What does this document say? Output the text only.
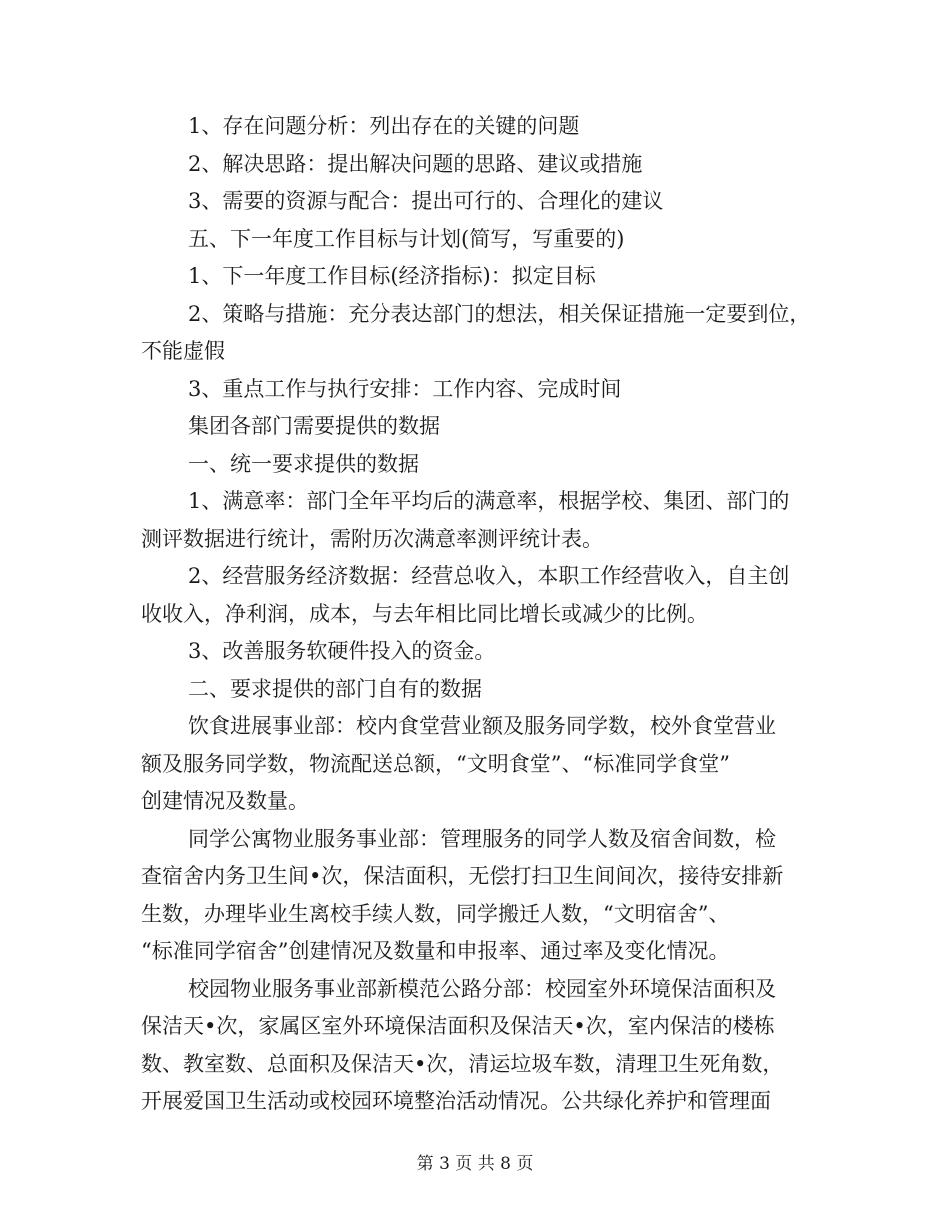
1、存在问题分析：列出存在的关键的问题

2、解决思路：提出解决问题的思路、建议或措施

3、需要的资源与配合：提出可行的、合理化的建议

五、下一年度工作目标与计划(简写，写重要的)

1、下一年度工作目标(经济指标)：拟定目标

2、策略与措施：充分表达部门的想法，相关保证措施一定要到位，

不能虚假

3、重点工作与执行安排：工作内容、完成时间

集团各部门需要提供的数据

一、统一要求提供的数据

1、满意率：部门全年平均后的满意率，根据学校、集团、部门的

测评数据进行统计，需附历次满意率测评统计表。

2、经营服务经济数据：经营总收入，本职工作经营收入，自主创

收收入，净利润，成本，与去年相比同比增长或减少的比例。

3、改善服务软硬件投入的资金。

二、要求提供的部门自有的数据

饮食进展事业部：校内食堂营业额及服务同学数，校外食堂营业

额及服务同学数，物流配送总额，“文明食堂”、“标准同学食堂”

创建情况及数量。

同学公寓物业服务事业部：管理服务的同学人数及宿舍间数，检

查宿舍内务卫生间•次，保洁面积，无偿打扫卫生间间次，接待安排新

生数，办理毕业生离校手续人数，同学搬迁人数，“文明宿舍”、

“标准同学宿舍”创建情况及数量和申报率、通过率及变化情况。

校园物业服务事业部新模范公路分部：校园室外环境保洁面积及

保洁天•次，家属区室外环境保洁面积及保洁天•次，室内保洁的楼栋

数、教室数、总面积及保洁天•次，清运垃圾车数，清理卫生死角数，

开展爱国卫生活动或校园环境整治活动情况。公共绿化养护和管理面

第 3 页 共 8 页
